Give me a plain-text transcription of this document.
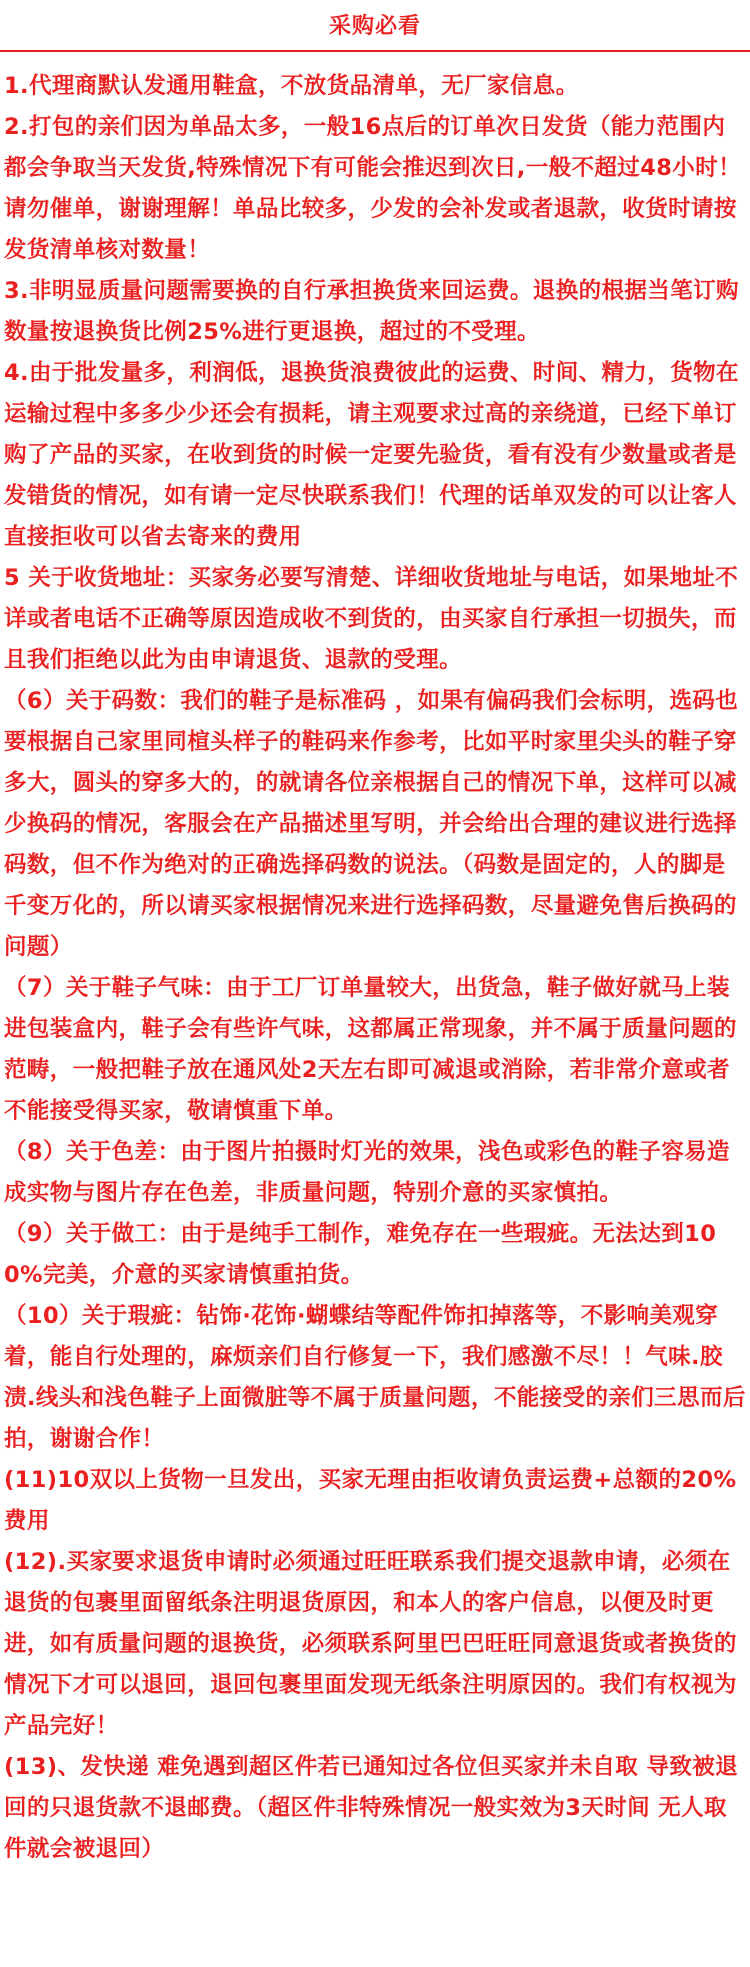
采购必看

1.代理商默认发通用鞋盒，不放货品清单，无厂家信息。

2.打包的亲们因为单品太多，一般16点后的订单次日发货（能力范围内都会争取当天发货,特殊情况下有可能会推迟到次日,一般不超过48小时！请勿催单，谢谢理解！单品比较多，少发的会补发或者退款，收货时请按发货清单核对数量！

3.非明显质量问题需要换的自行承担换货来回运费。退换的根据当笔订购数量按退换货比例25%进行更退换，超过的不受理。

4.由于批发量多，利润低，退换货浪费彼此的运费、时间、精力，货物在运输过程中多多少少还会有损耗，请主观要求过高的亲绕道，已经下单订购了产品的买家，在收到货的时候一定要先验货，看有没有少数量或者是发错货的情况，如有请一定尽快联系我们！代理的话单双发的可以让客人直接拒收可以省去寄来的费用

5 关于收货地址：买家务必要写清楚、详细收货地址与电话，如果地址不详或者电话不正确等原因造成收不到货的，由买家自行承担一切损失，而且我们拒绝以此为由申请退货、退款的受理。

（6）关于码数：我们的鞋子是标准码 ，如果有偏码我们会标明，选码也要根据自己家里同楦头样子的鞋码来作参考，比如平时家里尖头的鞋子穿多大，圆头的穿多大的，的就请各位亲根据自己的情况下单，这样可以减少换码的情况，客服会在产品描述里写明，并会给出合理的建议进行选择码数，但不作为绝对的正确选择码数的说法。（码数是固定的，人的脚是千变万化的，所以请买家根据情况来进行选择码数，尽量避免售后换码的问题）

（7）关于鞋子气味：由于工厂订单量较大，出货急，鞋子做好就马上装进包装盒内，鞋子会有些许气味，这都属正常现象，并不属于质量问题的范畴，一般把鞋子放在通风处2天左右即可减退或消除，若非常介意或者不能接受得买家，敬请慎重下单。

（8）关于色差：由于图片拍摄时灯光的效果，浅色或彩色的鞋子容易造成实物与图片存在色差，非质量问题，特别介意的买家慎拍。

（9）关于做工：由于是纯手工制作，难免存在一些瑕疵。无法达到100%完美，介意的买家请慎重拍货。

（10）关于瑕疵：钻饰·花饰·蝴蝶结等配件饰扣掉落等，不影响美观穿着，能自行处理的，麻烦亲们自行修复一下，我们感激不尽！！气味.胶渍.线头和浅色鞋子上面微脏等不属于质量问题，不能接受的亲们三思而后拍，谢谢合作！

(11)10双以上货物一旦发出，买家无理由拒收请负责运费+总额的20%费用

(12).买家要求退货申请时必须通过旺旺联系我们提交退款申请，必须在退货的包裹里面留纸条注明退货原因，和本人的客户信息，以便及时更进，如有质量问题的退换货，必须联系阿里巴巴旺旺同意退货或者换货的情况下才可以退回，退回包裹里面发现无纸条注明原因的。我们有权视为产品完好！

(13)、发快递 难免遇到超区件若已通知过各位但买家并未自取 导致被退回的只退货款不退邮费。（超区件非特殊情况一般实效为3天时间 无人取件就会被退回）
